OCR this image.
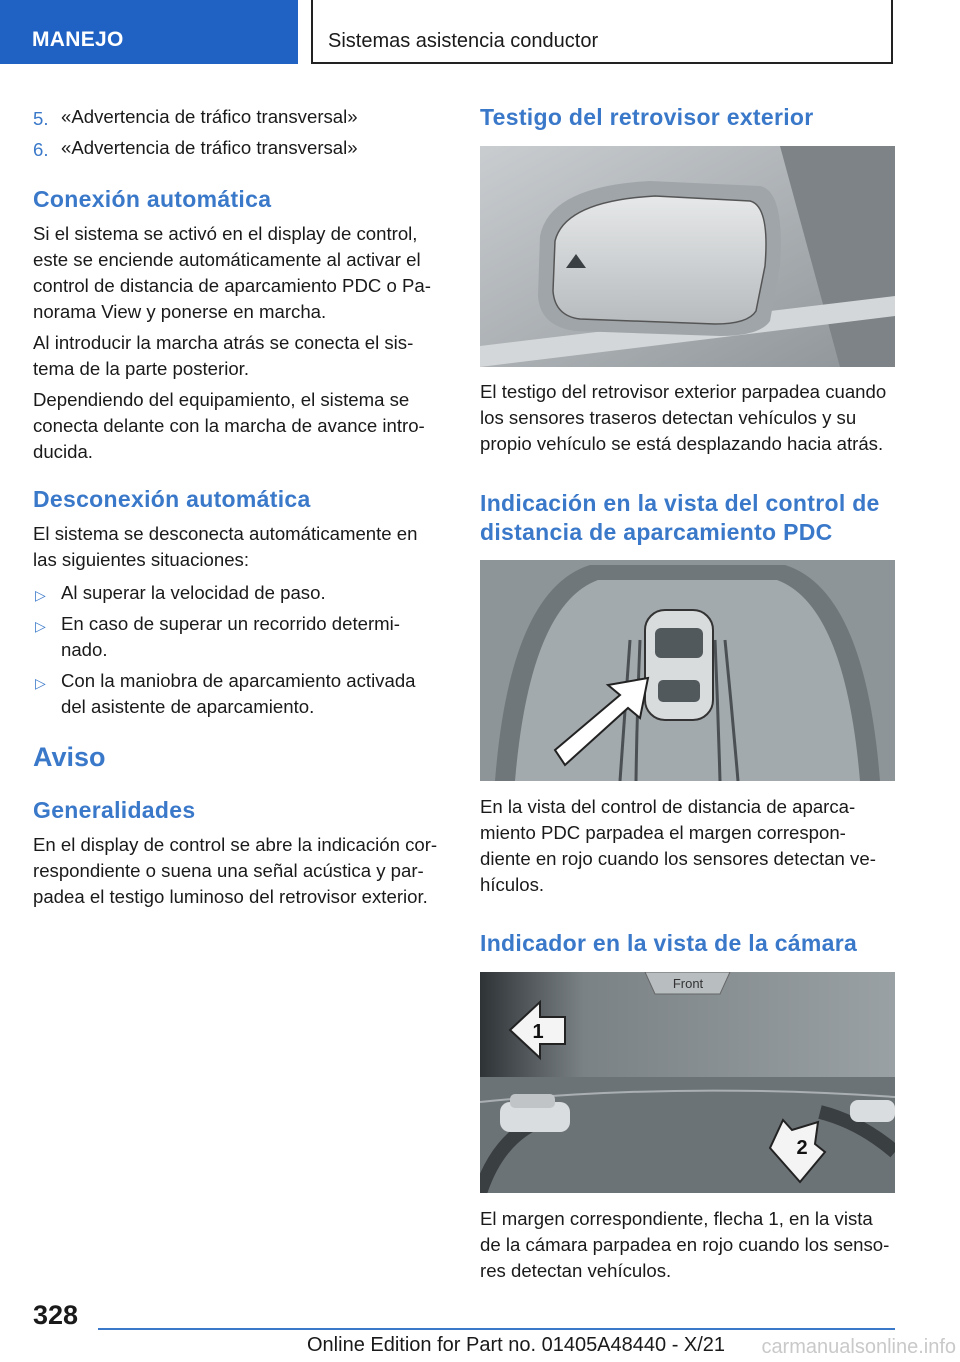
MANEJO	Sistemas asistencia conductor
5. «Advertencia de tráfico transversal»
6. «Advertencia de tráfico transversal»
Conexión automática
Si el sistema se activó en el display de control,
este se enciende automáticamente al activar el
control de distancia de aparcamiento PDC o Pa-
norama View y ponerse en marcha.
Al introducir la marcha atrás se conecta el sis-
tema de la parte posterior.
Dependiendo del equipamiento, el sistema se
conecta delante con la marcha de avance intro-
ducida.
Desconexión automática
El sistema se desconecta automáticamente en
las siguientes situaciones:
▷ Al superar la velocidad de paso.
▷ En caso de superar un recorrido determi-
nado.
▷ Con la maniobra de aparcamiento activada
del asistente de aparcamiento.
Aviso
Generalidades
En el display de control se abre la indicación cor-
respondiente o suena una señal acústica y par-
padea el testigo luminoso del retrovisor exterior.
Testigo del retrovisor exterior
El testigo del retrovisor exterior parpadea cuando
los sensores traseros detectan vehículos y su
propio vehículo se está desplazando hacia atrás.
Indicación en la vista del control de
distancia de aparcamiento PDC
En la vista del control de distancia de aparca-
miento PDC parpadea el margen correspon-
diente en rojo cuando los sensores detectan ve-
hículos.
Indicador en la vista de la cámara
Front
1
2
El margen correspondiente, flecha 1, en la vista
de la cámara parpadea en rojo cuando los senso-
res detectan vehículos.
328
Online Edition for Part no. 01405A48440 - X/21 carmanualsonline.info
